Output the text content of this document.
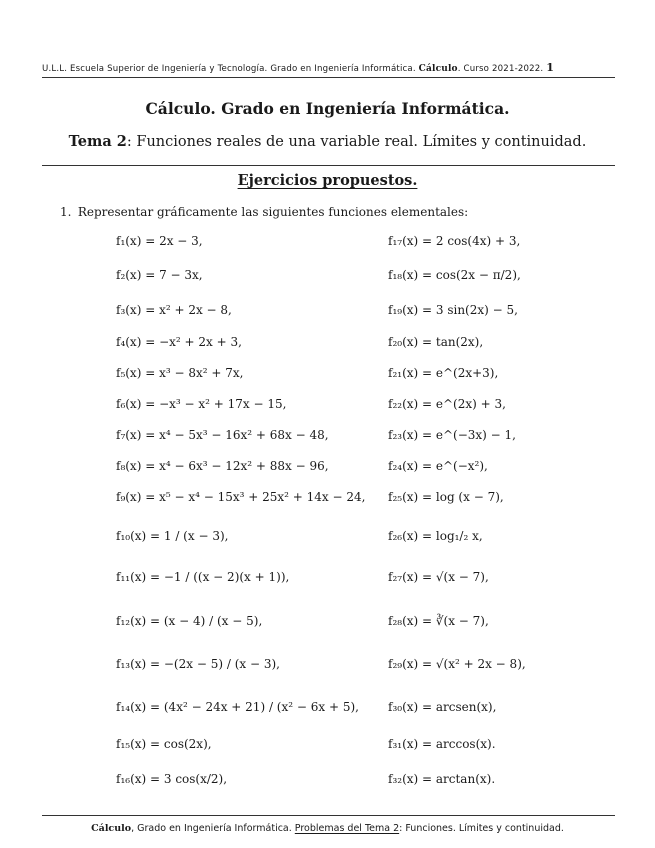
U.L.L. Escuela Superior de Ingeniería y Tecnología. Grado en Ingeniería Informática. Cálculo. Curso 2021-2022. 1
Cálculo. Grado en Ingeniería Informática.
Tema 2: Funciones reales de una variable real. Límites y continuidad.
Ejercicios propuestos.
1. Representar gráficamente las siguientes funciones elementales:
f₁(x) = 2x − 3,
f₂(x) = 7 − 3x,
f₃(x) = x² + 2x − 8,
f₄(x) = −x² + 2x + 3,
f₅(x) = x³ − 8x² + 7x,
f₆(x) = −x³ − x² + 17x − 15,
f₇(x) = x⁴ − 5x³ − 16x² + 68x − 48,
f₈(x) = x⁴ − 6x³ − 12x² + 88x − 96,
f₉(x) = x⁵ − x⁴ − 15x³ + 25x² + 14x − 24,
f₁₀(x) = 1 / (x − 3),
f₁₁(x) = −1 / ((x − 2)(x + 1)),
f₁₂(x) = (x − 4) / (x − 5),
f₁₃(x) = −(2x − 5) / (x − 3),
f₁₄(x) = (4x² − 24x + 21) / (x² − 6x + 5),
f₁₅(x) = cos(2x),
f₁₆(x) = 3 cos(x/2),
f₁₇(x) = 2 cos(4x) + 3,
f₁₈(x) = cos(2x − π/2),
f₁₉(x) = 3 sin(2x) − 5,
f₂₀(x) = tan(2x),
f₂₁(x) = e^(2x+3),
f₂₂(x) = e^(2x) + 3,
f₂₃(x) = e^(−3x) − 1,
f₂₄(x) = e^(−x²),
f₂₅(x) = log (x − 7),
f₂₆(x) = log₁/₂ x,
f₂₇(x) = √(x − 7),
f₂₈(x) = ∛(x − 7),
f₂₉(x) = √(x² + 2x − 8),
f₃₀(x) = arcsen(x),
f₃₁(x) = arccos(x).
f₃₂(x) = arctan(x).
Cálculo, Grado en Ingeniería Informática. Problemas del Tema 2: Funciones. Límites y continuidad.
